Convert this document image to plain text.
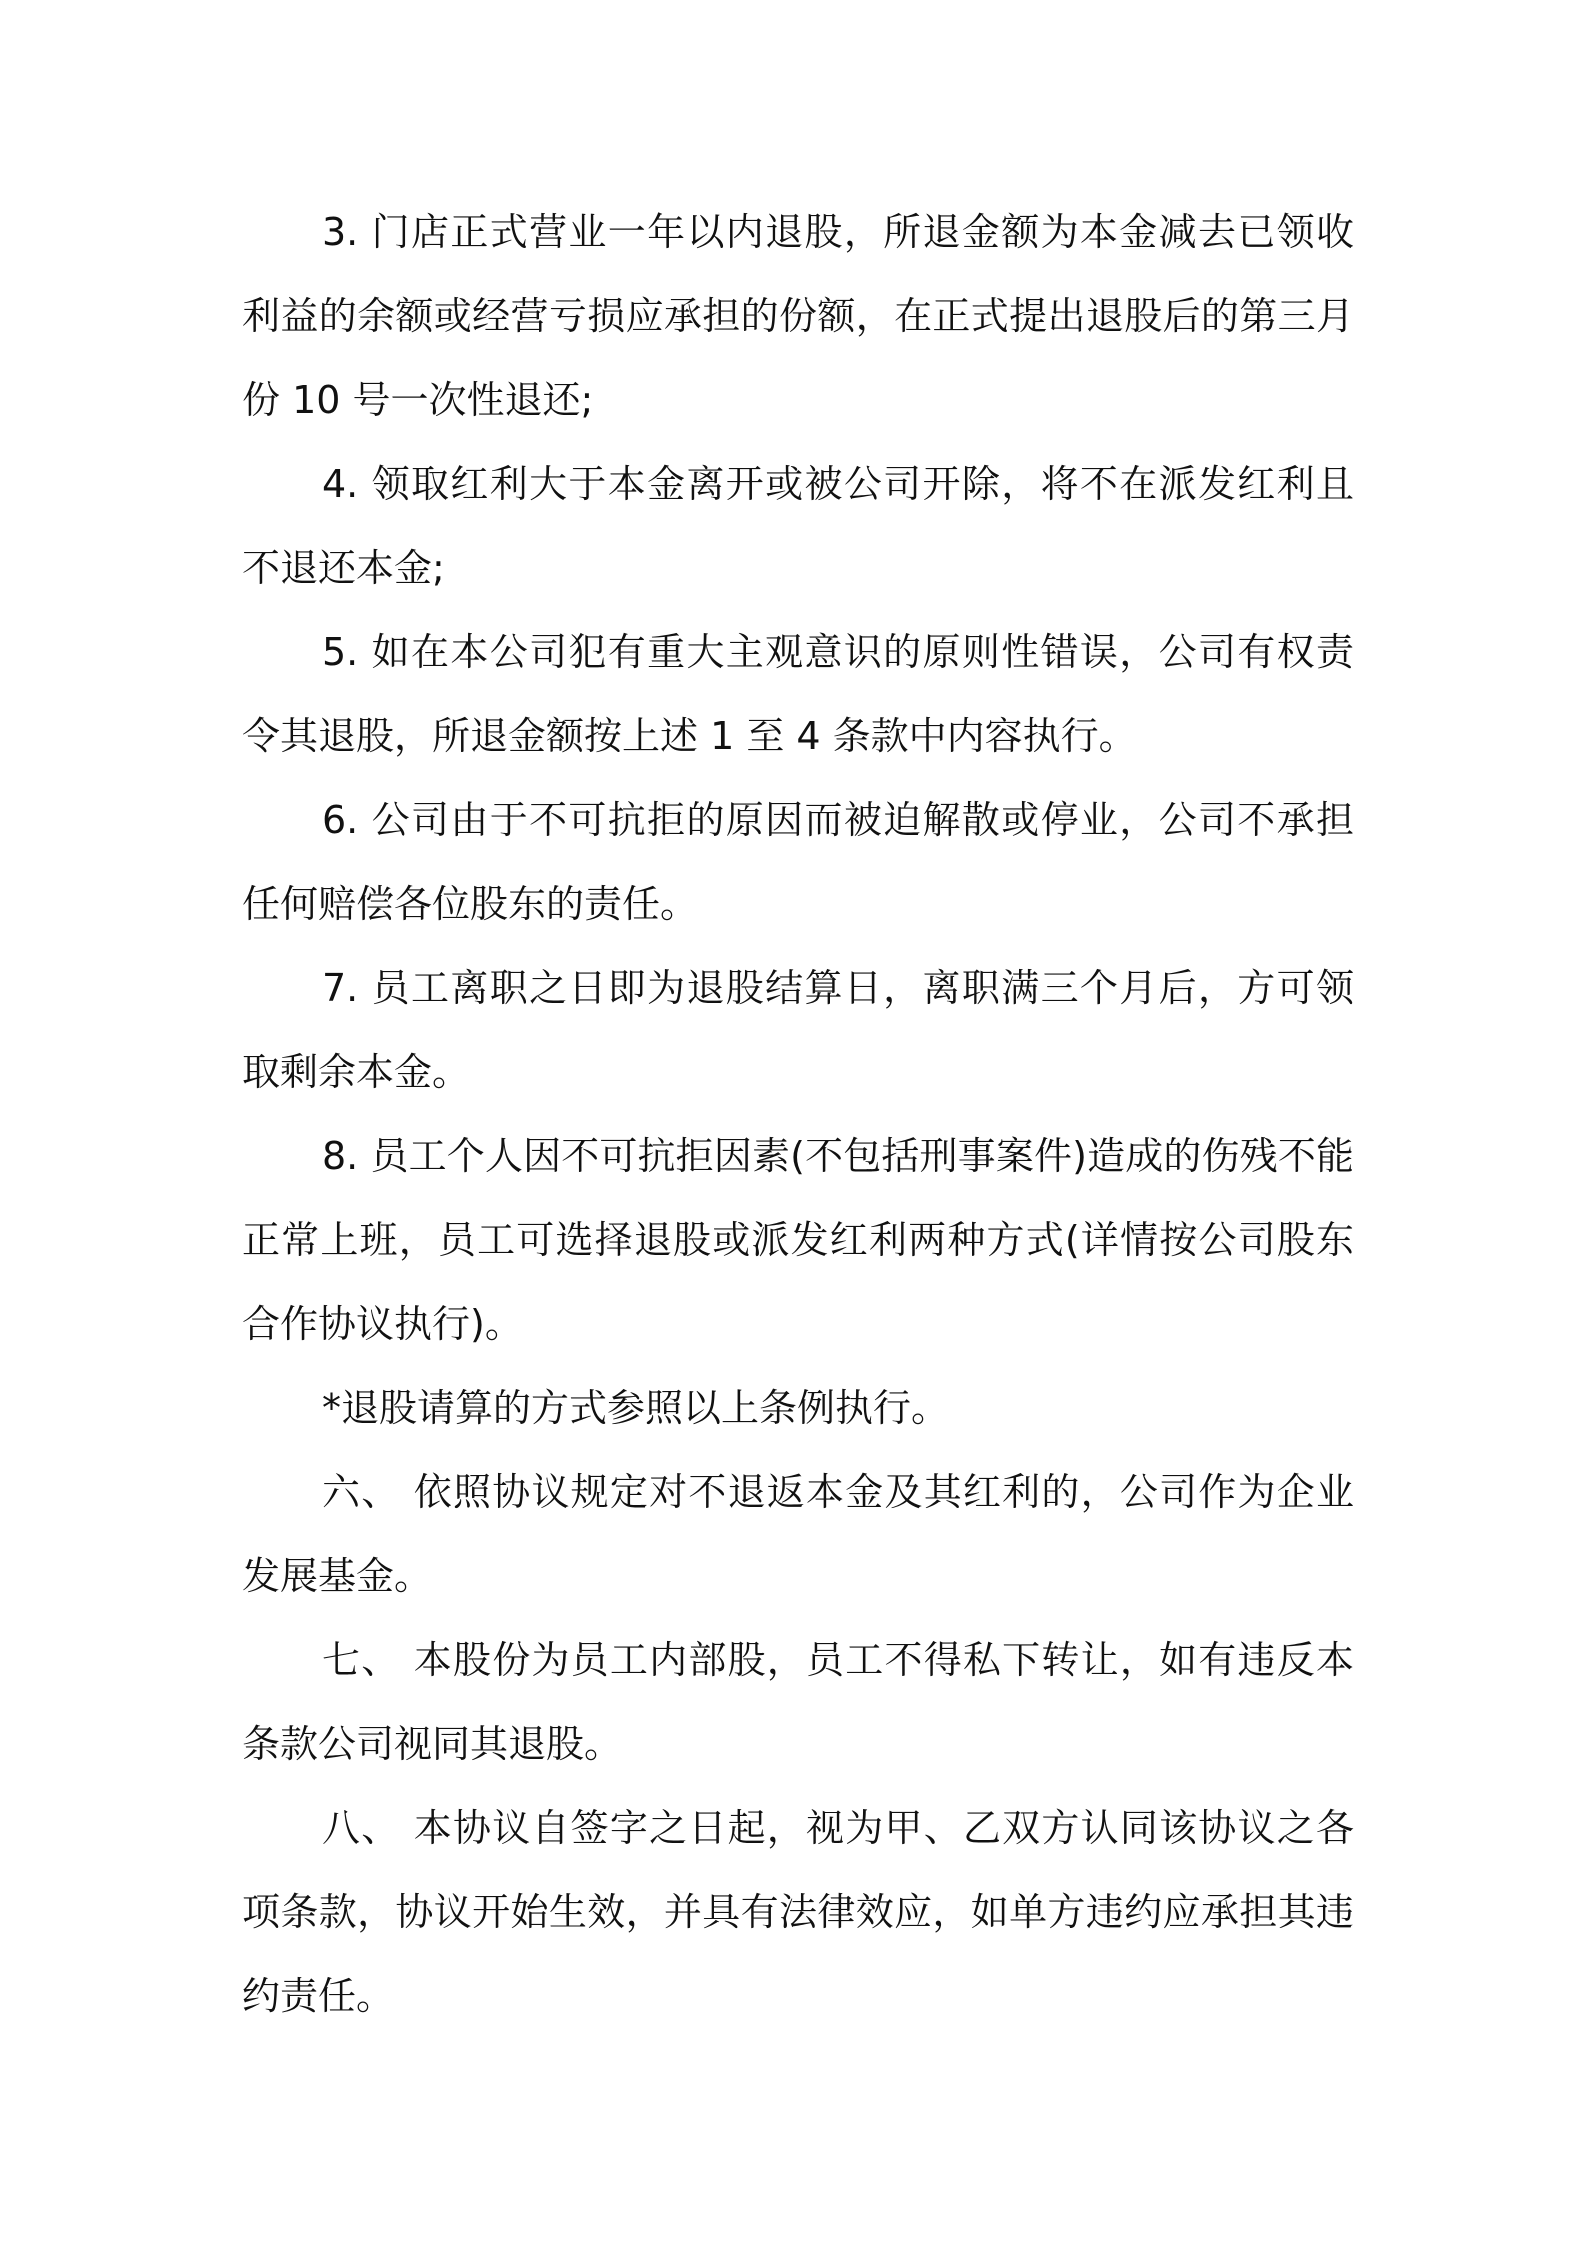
3. 门店正式营业一年以内退股，所退金额为本金减去已领收利益的余额或经营亏损应承担的份额，在正式提出退股后的第三月份 10 号一次性退还;

4. 领取红利大于本金离开或被公司开除，将不在派发红利且不退还本金;

5. 如在本公司犯有重大主观意识的原则性错误，公司有权责令其退股，所退金额按上述 1 至 4 条款中内容执行。

6. 公司由于不可抗拒的原因而被迫解散或停业，公司不承担任何赔偿各位股东的责任。

7. 员工离职之日即为退股结算日，离职满三个月后，方可领取剩余本金。

8. 员工个人因不可抗拒因素(不包括刑事案件)造成的伤残不能正常上班，员工可选择退股或派发红利两种方式(详情按公司股东合作协议执行)。

*退股请算的方式参照以上条例执行。

六、 依照协议规定对不退返本金及其红利的，公司作为企业发展基金。

七、 本股份为员工内部股，员工不得私下转让，如有违反本条款公司视同其退股。

八、 本协议自签字之日起，视为甲、乙双方认同该协议之各项条款，协议开始生效，并具有法律效应，如单方违约应承担其违约责任。
